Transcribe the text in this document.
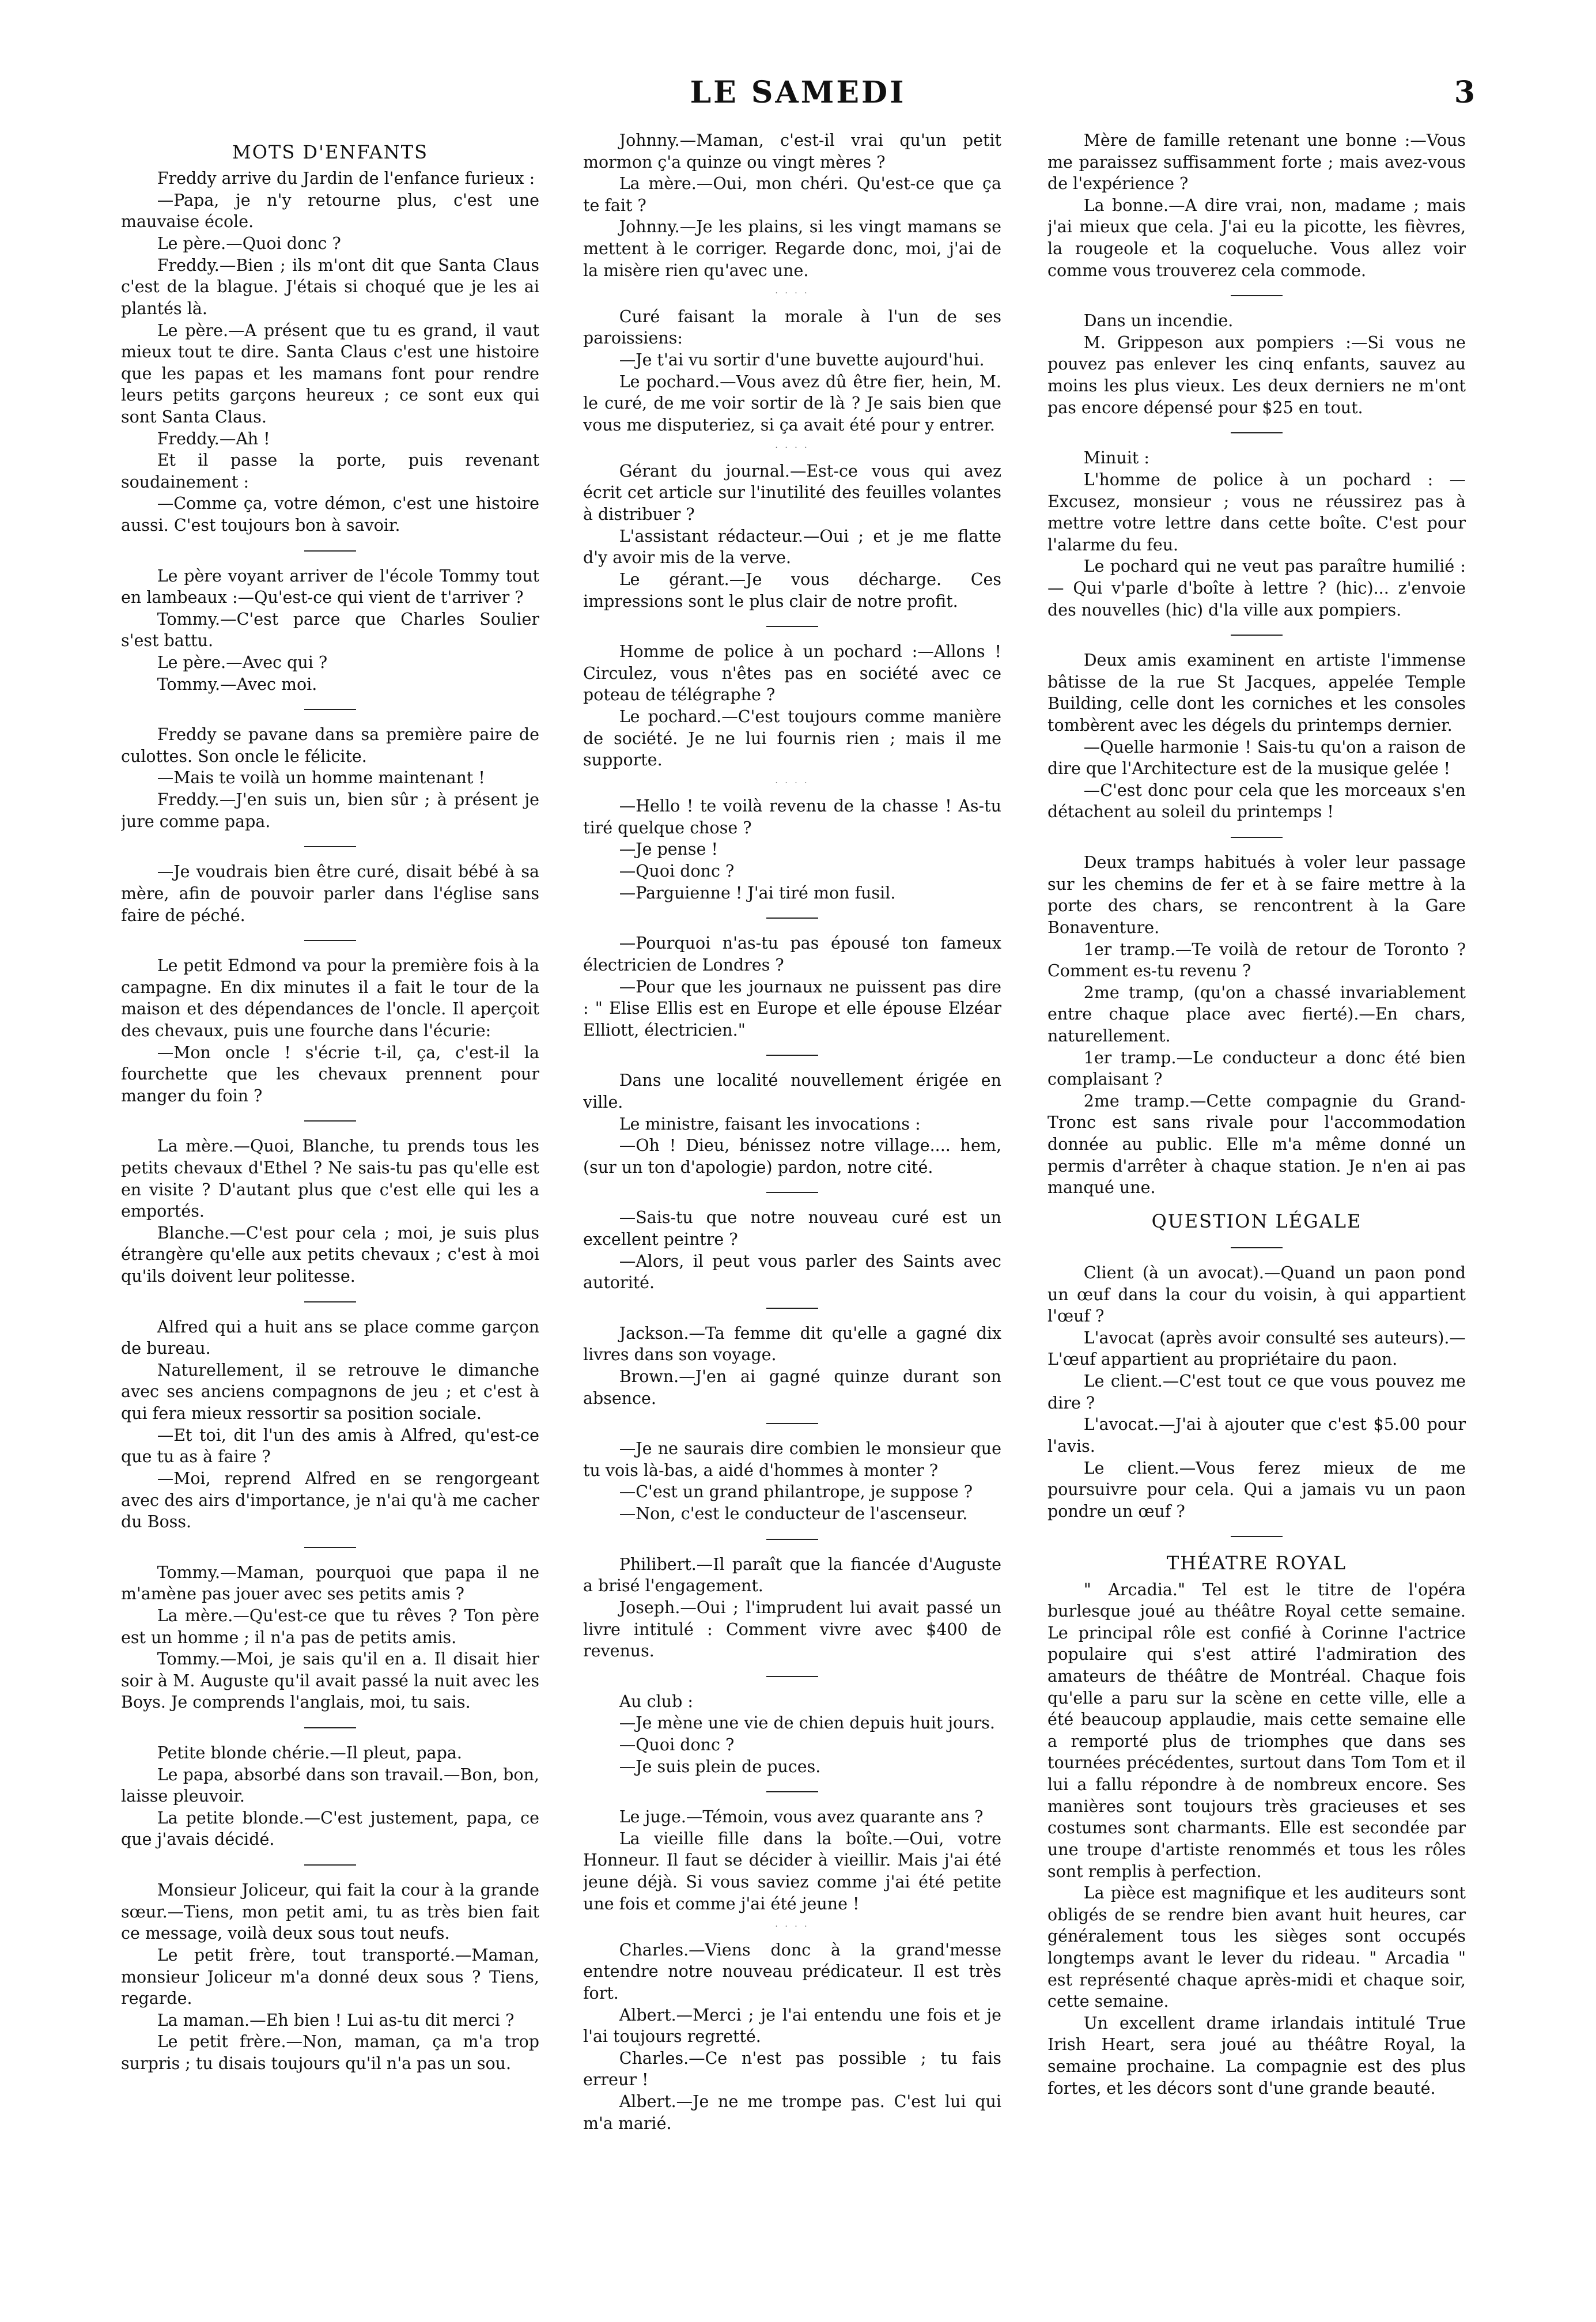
LE SAMEDI	3
MOTS D'ENFANTS

Freddy arrive du Jardin de l'enfance furieux :

—Papa, je n'y retourne plus, c'est une mauvaise école.

Le père.—Quoi donc ?

Freddy.—Bien ; ils m'ont dit que Santa Claus c'est de la blague. J'étais si choqué que je les ai plantés là.

Le père.—A présent que tu es grand, il vaut mieux tout te dire. Santa Claus c'est une histoire que les papas et les mamans font pour rendre leurs petits garçons heureux ; ce sont eux qui sont Santa Claus.

Freddy.—Ah !

Et il passe la porte, puis revenant soudainement :

—Comme ça, votre démon, c'est une histoire aussi. C'est toujours bon à savoir.

Le père voyant arriver de l'école Tommy tout en lambeaux :—Qu'est-ce qui vient de t'arriver ?

Tommy.—C'est parce que Charles Soulier s'est battu.

Le père.—Avec qui ?

Tommy.—Avec moi.

Freddy se pavane dans sa première paire de culottes. Son oncle le félicite.

—Mais te voilà un homme maintenant !

Freddy.—J'en suis un, bien sûr ; à présent je jure comme papa.

—Je voudrais bien être curé, disait bébé à sa mère, afin de pouvoir parler dans l'église sans faire de péché.

Le petit Edmond va pour la première fois à la campagne. En dix minutes il a fait le tour de la maison et des dépendances de l'oncle. Il aperçoit des chevaux, puis une fourche dans l'écurie:

—Mon oncle ! s'écrie t-il, ça, c'est-il la fourchette que les chevaux prennent pour manger du foin ?

La mère.—Quoi, Blanche, tu prends tous les petits chevaux d'Ethel ? Ne sais-tu pas qu'elle est en visite ? D'autant plus que c'est elle qui les a emportés.

Blanche.—C'est pour cela ; moi, je suis plus étrangère qu'elle aux petits chevaux ; c'est à moi qu'ils doivent leur politesse.

Alfred qui a huit ans se place comme garçon de bureau.

Naturellement, il se retrouve le dimanche avec ses anciens compagnons de jeu ; et c'est à qui fera mieux ressortir sa position sociale.

—Et toi, dit l'un des amis à Alfred, qu'est-ce que tu as à faire ?

—Moi, reprend Alfred en se rengorgeant avec des airs d'importance, je n'ai qu'à me cacher du Boss.

Tommy.—Maman, pourquoi que papa il ne m'amène pas jouer avec ses petits amis ?

La mère.—Qu'est-ce que tu rêves ? Ton père est un homme ; il n'a pas de petits amis.

Tommy.—Moi, je sais qu'il en a. Il disait hier soir à M. Auguste qu'il avait passé la nuit avec les Boys. Je comprends l'anglais, moi, tu sais.

Petite blonde chérie.—Il pleut, papa.

Le papa, absorbé dans son travail.—Bon, bon, laisse pleuvoir.

La petite blonde.—C'est justement, papa, ce que j'avais décidé.

Monsieur Joliceur, qui fait la cour à la grande sœur.—Tiens, mon petit ami, tu as très bien fait ce message, voilà deux sous tout neufs.

Le petit frère, tout transporté.—Maman, monsieur Joliceur m'a donné deux sous ? Tiens, regarde.

La maman.—Eh bien ! Lui as-tu dit merci ?

Le petit frère.—Non, maman, ça m'a trop surpris ; tu disais toujours qu'il n'a pas un sou.

Johnny.—Maman, c'est-il vrai qu'un petit mormon ç'a quinze ou vingt mères ?

La mère.—Oui, mon chéri. Qu'est-ce que ça te fait ?

Johnny.—Je les plains, si les vingt mamans se mettent à le corriger. Regarde donc, moi, j'ai de la misère rien qu'avec une.

· · · ·

Curé faisant la morale à l'un de ses paroissiens:

—Je t'ai vu sortir d'une buvette aujourd'hui.

Le pochard.—Vous avez dû être fier, hein, M. le curé, de me voir sortir de là ? Je sais bien que vous me disputeriez, si ça avait été pour y entrer.

· · · ·

Gérant du journal.—Est-ce vous qui avez écrit cet article sur l'inutilité des feuilles volantes à distribuer ?

L'assistant rédacteur.—Oui ; et je me flatte d'y avoir mis de la verve.

Le gérant.—Je vous décharge. Ces impressions sont le plus clair de notre profit.

Homme de police à un pochard :—Allons ! Circulez, vous n'êtes pas en société avec ce poteau de télégraphe ?

Le pochard.—C'est toujours comme manière de société. Je ne lui fournis rien ; mais il me supporte.

· · · ·

—Hello ! te voilà revenu de la chasse ! As-tu tiré quelque chose ?

—Je pense !

—Quoi donc ?

—Parguienne ! J'ai tiré mon fusil.

—Pourquoi n'as-tu pas épousé ton fameux électricien de Londres ?

—Pour que les journaux ne puissent pas dire : " Elise Ellis est en Europe et elle épouse Elzéar Elliott, électricien."

Dans une localité nouvellement érigée en ville.

Le ministre, faisant les invocations :

—Oh ! Dieu, bénissez notre village.... hem, (sur un ton d'apologie) pardon, notre cité.

—Sais-tu que notre nouveau curé est un excellent peintre ?

—Alors, il peut vous parler des Saints avec autorité.

Jackson.—Ta femme dit qu'elle a gagné dix livres dans son voyage.

Brown.—J'en ai gagné quinze durant son absence.

—Je ne saurais dire combien le monsieur que tu vois là-bas, a aidé d'hommes à monter ?

—C'est un grand philantrope, je suppose ?

—Non, c'est le conducteur de l'ascenseur.

Philibert.—Il paraît que la fiancée d'Auguste a brisé l'engagement.

Joseph.—Oui ; l'imprudent lui avait passé un livre intitulé : Comment vivre avec $400 de revenus.

Au club :

—Je mène une vie de chien depuis huit jours.

—Quoi donc ?

—Je suis plein de puces.

Le juge.—Témoin, vous avez quarante ans ?

La vieille fille dans la boîte.—Oui, votre Honneur. Il faut se décider à vieillir. Mais j'ai été jeune déjà. Si vous saviez comme j'ai été petite une fois et comme j'ai été jeune !

· · · ·

Charles.—Viens donc à la grand'messe entendre notre nouveau prédicateur. Il est très fort.

Albert.—Merci ; je l'ai entendu une fois et je l'ai toujours regretté.

Charles.—Ce n'est pas possible ; tu fais erreur !

Albert.—Je ne me trompe pas. C'est lui qui m'a marié.

Mère de famille retenant une bonne :—Vous me paraissez suffisamment forte ; mais avez-vous de l'expérience ?

La bonne.—A dire vrai, non, madame ; mais j'ai mieux que cela. J'ai eu la picotte, les fièvres, la rougeole et la coqueluche. Vous allez voir comme vous trouverez cela commode.

Dans un incendie.

M. Grippeson aux pompiers :—Si vous ne pouvez pas enlever les cinq enfants, sauvez au moins les plus vieux. Les deux derniers ne m'ont pas encore dépensé pour $25 en tout.

Minuit :

L'homme de police à un pochard : — Excusez, monsieur ; vous ne réussirez pas à mettre votre lettre dans cette boîte. C'est pour l'alarme du feu.

Le pochard qui ne veut pas paraître humilié :— Qui v'parle d'boîte à lettre ? (hic)... z'envoie des nouvelles (hic) d'la ville aux pompiers.

Deux amis examinent en artiste l'immense bâtisse de la rue St Jacques, appelée Temple Building, celle dont les corniches et les consoles tombèrent avec les dégels du printemps dernier.

—Quelle harmonie ! Sais-tu qu'on a raison de dire que l'Architecture est de la musique gelée !

—C'est donc pour cela que les morceaux s'en détachent au soleil du printemps !

Deux tramps habitués à voler leur passage sur les chemins de fer et à se faire mettre à la porte des chars, se rencontrent à la Gare Bonaventure.

1er tramp.—Te voilà de retour de Toronto ? Comment es-tu revenu ?

2me tramp, (qu'on a chassé invariablement entre chaque place avec fierté).—En chars, naturellement.

1er tramp.—Le conducteur a donc été bien complaisant ?

2me tramp.—Cette compagnie du Grand-Tronc est sans rivale pour l'accommodation donnée au public. Elle m'a même donné un permis d'arrêter à chaque station. Je n'en ai pas manqué une.

QUESTION LÉGALE

Client (à un avocat).—Quand un paon pond un œuf dans la cour du voisin, à qui appartient l'œuf ?

L'avocat (après avoir consulté ses auteurs).— L'œuf appartient au propriétaire du paon.

Le client.—C'est tout ce que vous pouvez me dire ?

L'avocat.—J'ai à ajouter que c'est $5.00 pour l'avis.

Le client.—Vous ferez mieux de me poursuivre pour cela. Qui a jamais vu un paon pondre un œuf ?

THÉATRE ROYAL

" Arcadia." Tel est le titre de l'opéra burlesque joué au théâtre Royal cette semaine. Le principal rôle est confié à Corinne l'actrice populaire qui s'est attiré l'admiration des amateurs de théâtre de Montréal. Chaque fois qu'elle a paru sur la scène en cette ville, elle a été beaucoup applaudie, mais cette semaine elle a remporté plus de triomphes que dans ses tournées précédentes, surtout dans Tom Tom et il lui a fallu répondre à de nombreux encore. Ses manières sont toujours très gracieuses et ses costumes sont charmants. Elle est secondée par une troupe d'artiste renommés et tous les rôles sont remplis à perfection.

La pièce est magnifique et les auditeurs sont obligés de se rendre bien avant huit heures, car généralement tous les sièges sont occupés longtemps avant le lever du rideau. " Arcadia " est représenté chaque après-midi et chaque soir, cette semaine.

Un excellent drame irlandais intitulé True Irish Heart, sera joué au théâtre Royal, la semaine prochaine. La compagnie est des plus fortes, et les décors sont d'une grande beauté.
